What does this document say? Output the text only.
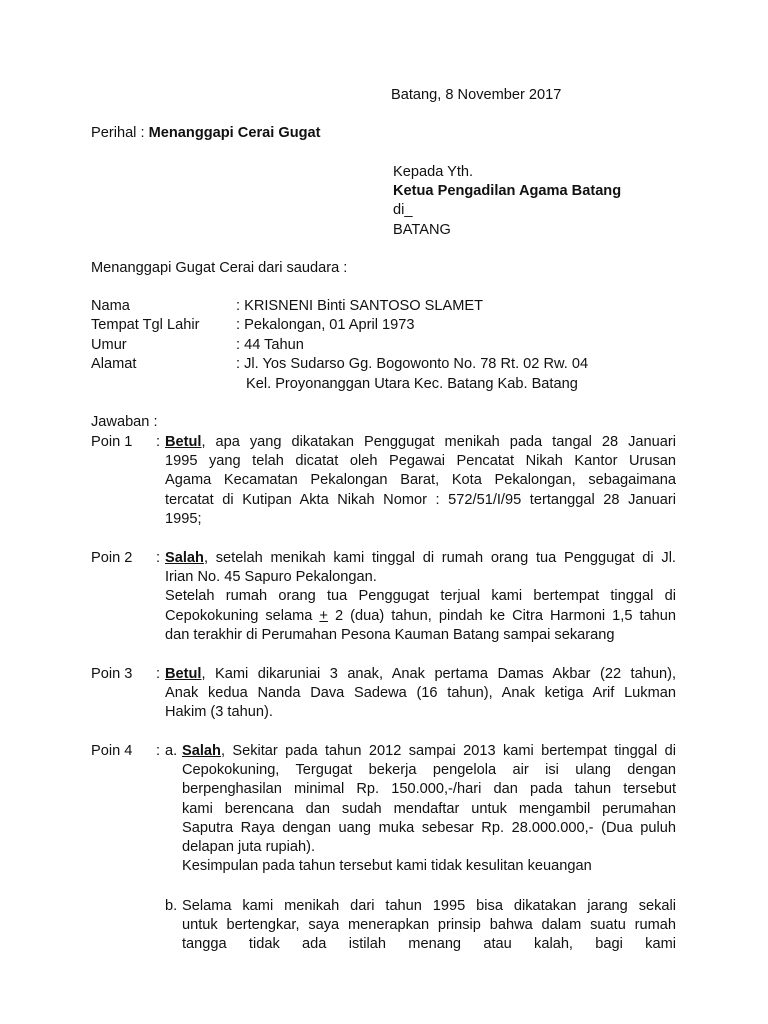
Batang, 8 November 2017
Perihal : Menanggapi Cerai Gugat
Kepada Yth.
Ketua Pengadilan Agama Batang
di_
BATANG
Menanggapi Gugat Cerai dari saudara :
Nama	: KRISNENI Binti SANTOSO SLAMET
Tempat Tgl Lahir	: Pekalongan, 01 April 1973
Umur	: 44 Tahun
Alamat	: Jl. Yos Sudarso Gg. Bogowonto No. 78 Rt. 02 Rw. 04
Kel. Proyonanggan Utara Kec. Batang Kab. Batang
Jawaban :
Poin 1 : Betul, apa yang dikatakan Penggugat menikah pada tangal 28 Januari
1995 yang telah dicatat oleh Pegawai Pencatat Nikah Kantor Urusan
Agama Kecamatan Pekalongan Barat, Kota Pekalongan, sebagaimana
tercatat di Kutipan Akta Nikah Nomor : 572/51/I/95 tertanggal 28 Januari
1995;
Poin 2 : Salah, setelah menikah kami tinggal di rumah orang tua Penggugat di Jl.
Irian No. 45 Sapuro Pekalongan.
Setelah rumah orang tua Penggugat terjual kami bertempat tinggal di
Cepokokuning selama + 2 (dua) tahun, pindah ke Citra Harmoni 1,5 tahun
dan terakhir di Perumahan Pesona Kauman Batang sampai sekarang
Poin 3 : Betul, Kami dikaruniai 3 anak, Anak pertama Damas Akbar (22 tahun),
Anak kedua Nanda Dava Sadewa (16 tahun), Anak ketiga Arif Lukman
Hakim (3 tahun).
Poin 4 : a. Salah, Sekitar pada tahun 2012 sampai 2013 kami bertempat tinggal di
Cepokokuning, Tergugat bekerja pengelola air isi ulang dengan
berpenghasilan minimal Rp. 150.000,-/hari dan pada tahun tersebut
kami berencana dan sudah mendaftar untuk mengambil perumahan
Saputra Raya dengan uang muka sebesar Rp. 28.000.000,- (Dua puluh
delapan juta rupiah).
Kesimpulan pada tahun tersebut kami tidak kesulitan keuangan
b. Selama kami menikah dari tahun 1995 bisa dikatakan jarang sekali
untuk bertengkar, saya menerapkan prinsip bahwa dalam suatu rumah
tangga tidak ada istilah menang atau kalah, bagi kami
